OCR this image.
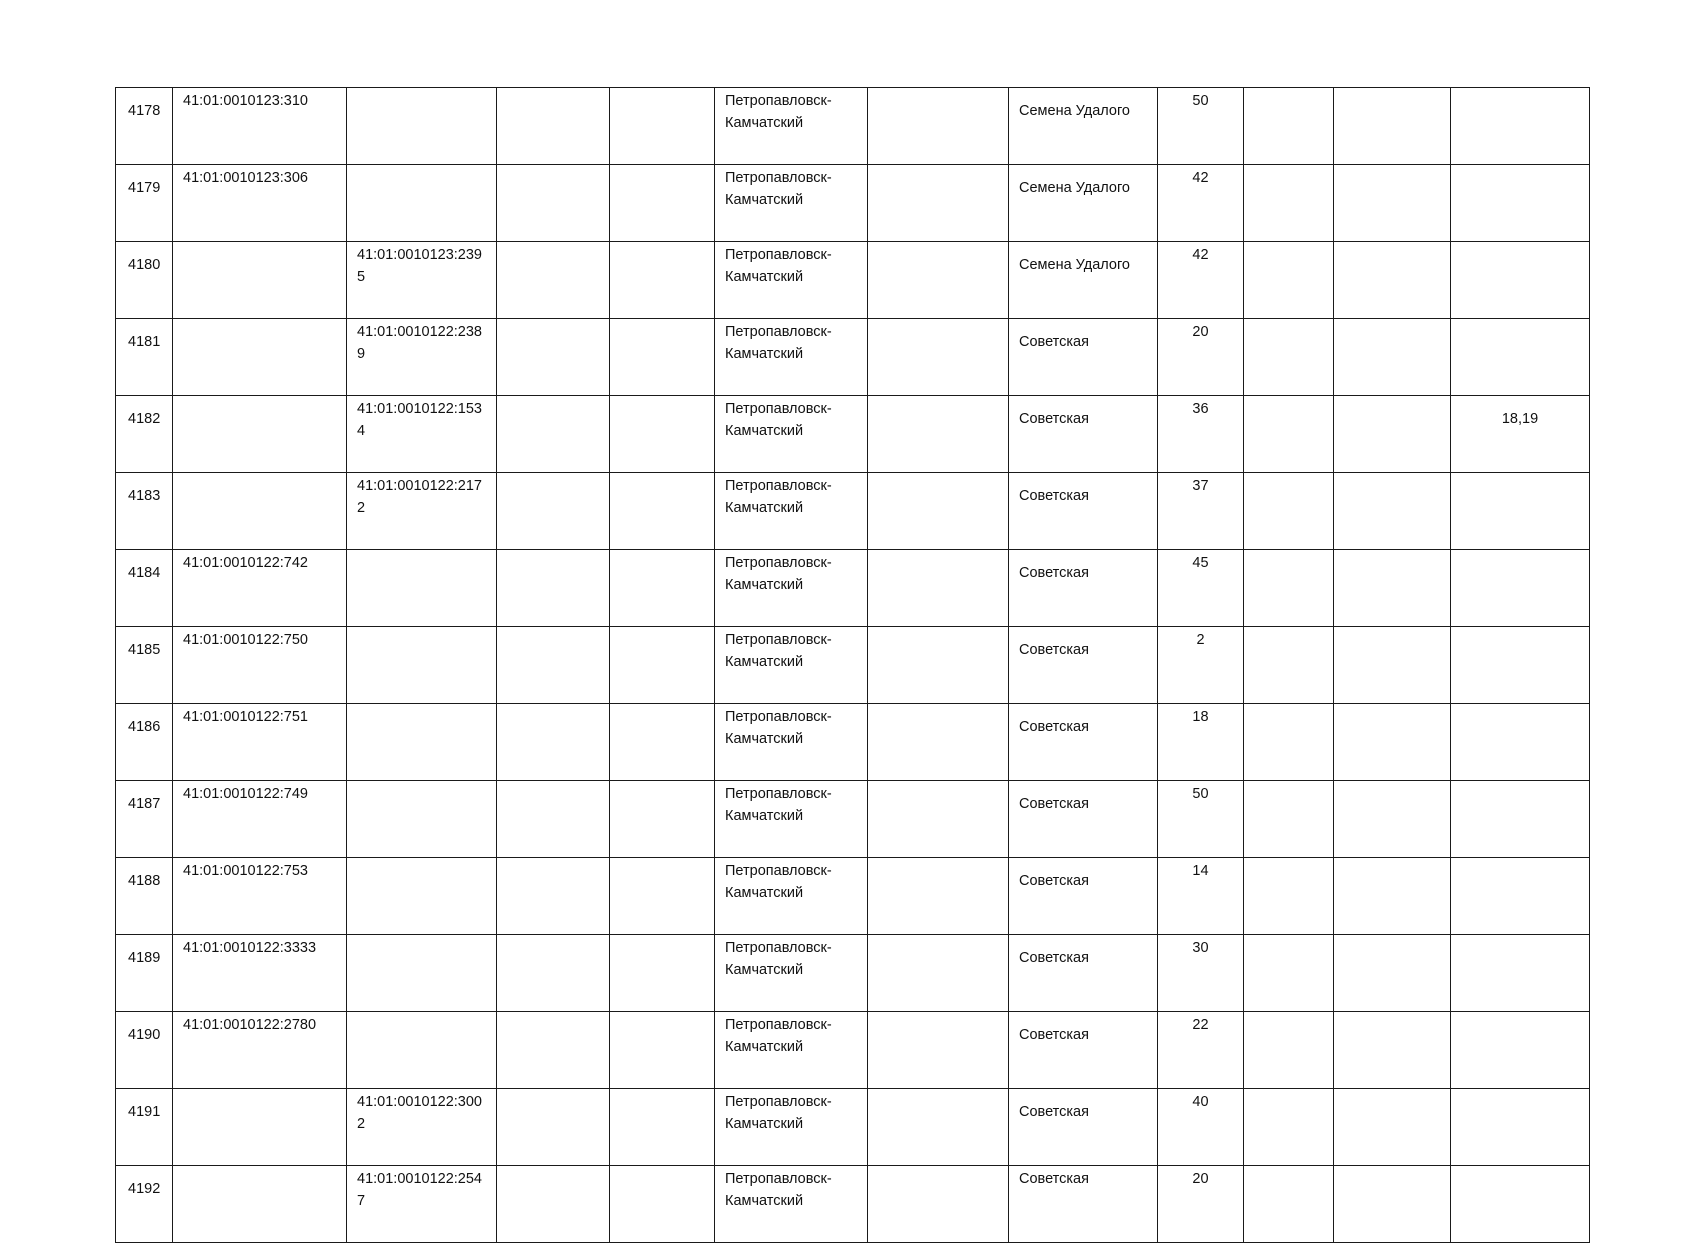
4178	41:01:0010123:310				Петропавловск-Камчатский		Семена Удалого	50			
4179	41:01:0010123:306				Петропавловск-Камчатский		Семена Удалого	42			
4180		41:01:0010123:2395			Петропавловск-Камчатский		Семена Удалого	42			
4181		41:01:0010122:2389			Петропавловск-Камчатский		Советская	20			
4182		41:01:0010122:1534			Петропавловск-Камчатский		Советская	36			18,19
4183		41:01:0010122:2172			Петропавловск-Камчатский		Советская	37			
4184	41:01:0010122:742				Петропавловск-Камчатский		Советская	45			
4185	41:01:0010122:750				Петропавловск-Камчатский		Советская	2			
4186	41:01:0010122:751				Петропавловск-Камчатский		Советская	18			
4187	41:01:0010122:749				Петропавловск-Камчатский		Советская	50			
4188	41:01:0010122:753				Петропавловск-Камчатский		Советская	14			
4189	41:01:0010122:3333				Петропавловск-Камчатский		Советская	30			
4190	41:01:0010122:2780				Петропавловск-Камчатский		Советская	22			
4191		41:01:0010122:3002			Петропавловск-Камчатский		Советская	40			
4192		41:01:0010122:2547			Петропавловск-Камчатский		Советская	20			
